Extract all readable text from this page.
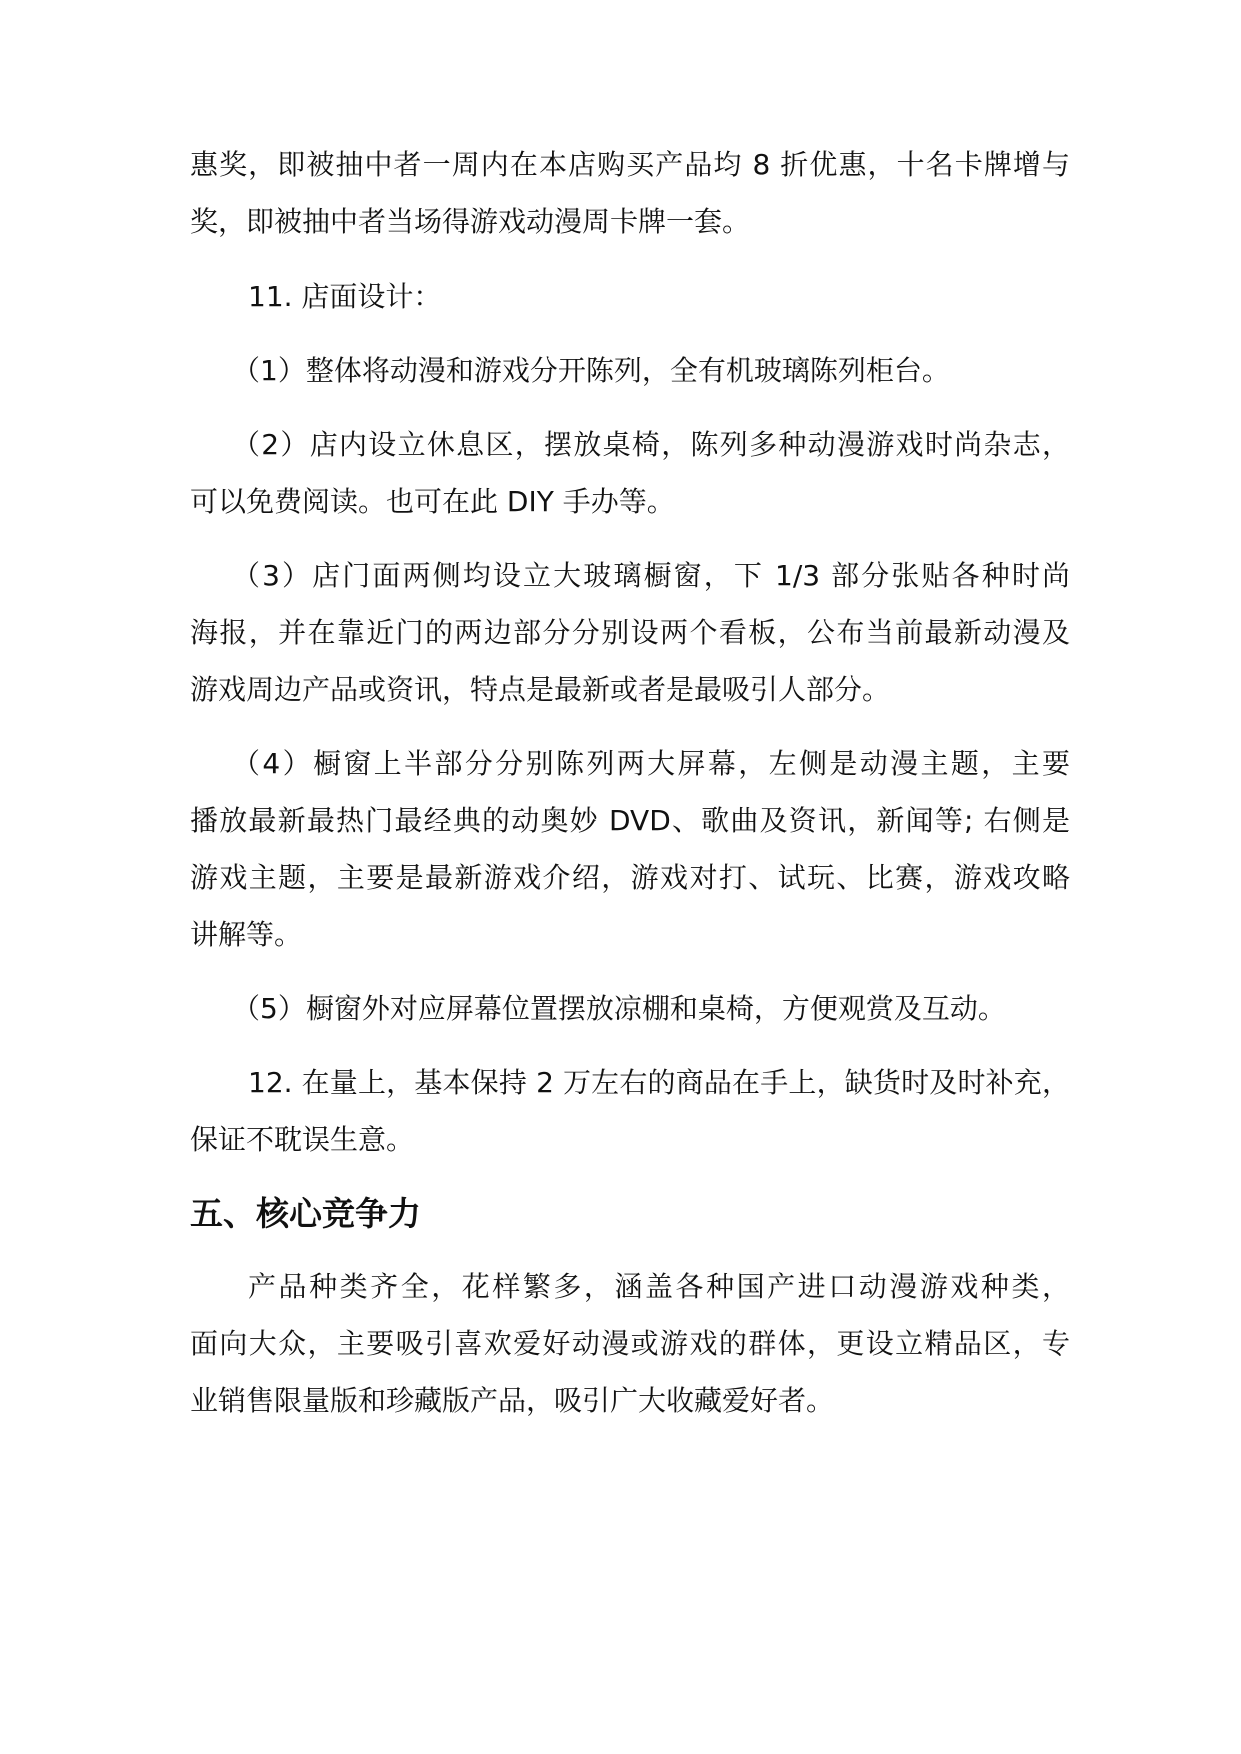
惠奖，即被抽中者一周内在本店购买产品均 8 折优惠，十名卡牌增与
奖，即被抽中者当场得游戏动漫周卡牌一套。
11. 店面设计：
（1）整体将动漫和游戏分开陈列，全有机玻璃陈列柜台。
（2）店内设立休息区，摆放桌椅，陈列多种动漫游戏时尚杂志，
可以免费阅读。也可在此 DIY 手办等。
（3）店门面两侧均设立大玻璃橱窗，下 1/3 部分张贴各种时尚
海报，并在靠近门的两边部分分别设两个看板，公布当前最新动漫及
游戏周边产品或资讯，特点是最新或者是最吸引人部分。
（4）橱窗上半部分分别陈列两大屏幕，左侧是动漫主题，主要
播放最新最热门最经典的动奥妙 DVD、歌曲及资讯，新闻等; 右侧是
游戏主题，主要是最新游戏介绍，游戏对打、试玩、比赛，游戏攻略
讲解等。
（5）橱窗外对应屏幕位置摆放凉棚和桌椅，方便观赏及互动。
12. 在量上，基本保持 2 万左右的商品在手上，缺货时及时补充，
保证不耽误生意。
五、核心竞争力
产品种类齐全，花样繁多，涵盖各种国产进口动漫游戏种类，
面向大众，主要吸引喜欢爱好动漫或游戏的群体，更设立精品区，专
业销售限量版和珍藏版产品，吸引广大收藏爱好者。
